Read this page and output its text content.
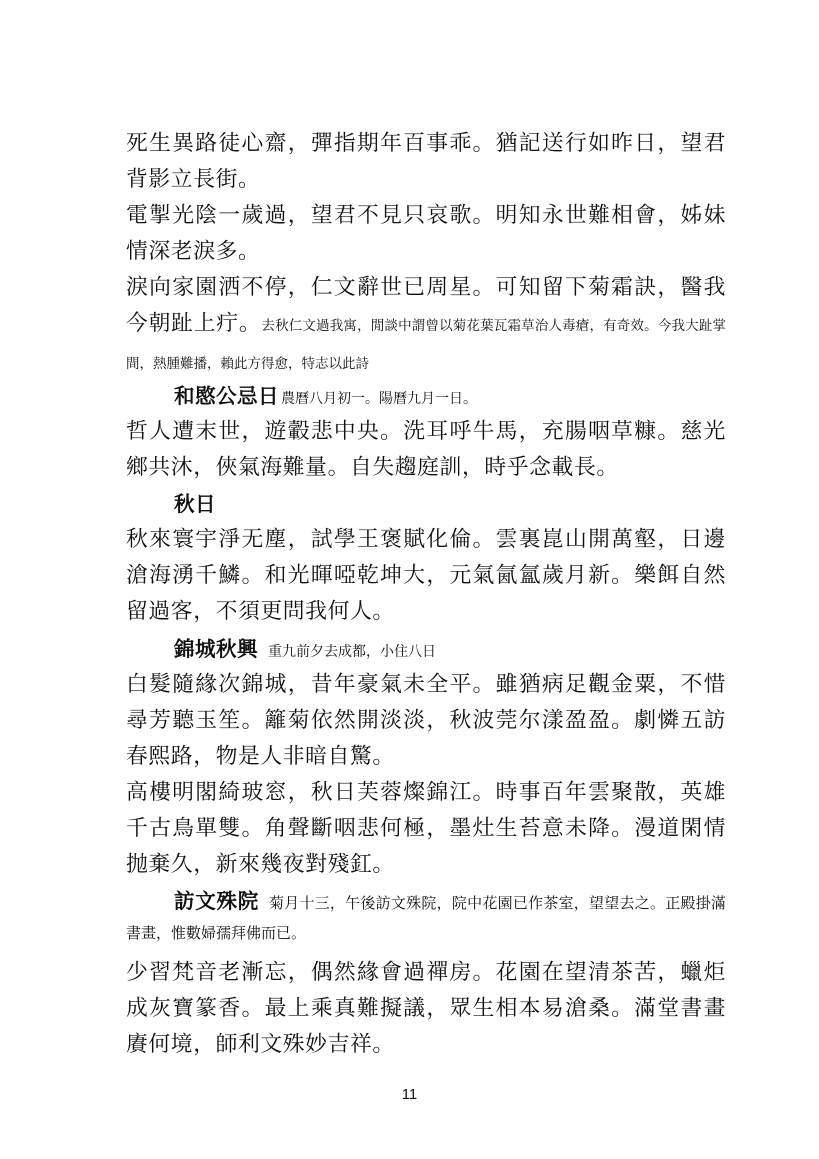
死生異路徒心齋，彈指期年百事乖。猶記送行如昨日，望君背影立長街。

電掣光陰一歲過，望君不見只哀歌。明知永世難相會，姊妹情深老淚多。

淚向家園洒不停，仁文辭世已周星。可知留下菊霜訣，醫我今朝趾上疔。去秋仁文過我寓，閒談中謂曾以菊花葉瓦霜草治人毒瘡，有奇效。今我大趾掌間，熱腫難播，賴此方得愈，特志以此詩

和愍公忌日 農曆八月初一。陽曆九月一日。

哲人遭末世，遊轂悲中央。洗耳呼牛馬，充腸咽草糠。慈光鄉共沐，俠氣海難量。自失趨庭訓，時乎念載長。

秋日

秋來寰宇淨无塵，試學王褒賦化倫。雲裏崑山開萬壑，日邊滄海湧千鱗。和光暉啞乾坤大，元氣氤氳歲月新。樂餌自然留過客，不須更問我何人。

錦城秋興 重九前夕去成都，小住八日

白髮隨緣次錦城，昔年豪氣未全平。雖猶病足觀金粟，不惜尋芳聽玉笙。籬菊依然開淡淡，秋波莞尔漾盈盈。劇憐五訪春熙路，物是人非暗自驚。

高樓明閣綺玻窓，秋日芙蓉燦錦江。時事百年雲聚散，英雄千古鳥單雙。角聲斷咽悲何極，墨灶生苔意未降。漫道閑情抛棄久，新來幾夜對殘釭。

訪文殊院 菊月十三，午後訪文殊院，院中花園已作茶室，望望去之。正殿掛滿書畫，惟數婦孺拜佛而已。

少習梵音老漸忘，偶然緣會過禪房。花園在望清茶苦，蠟炬成灰寶篆香。最上乘真難擬議，眾生相本易滄桑。滿堂書畫賡何境，師利文殊妙吉祥。

11
